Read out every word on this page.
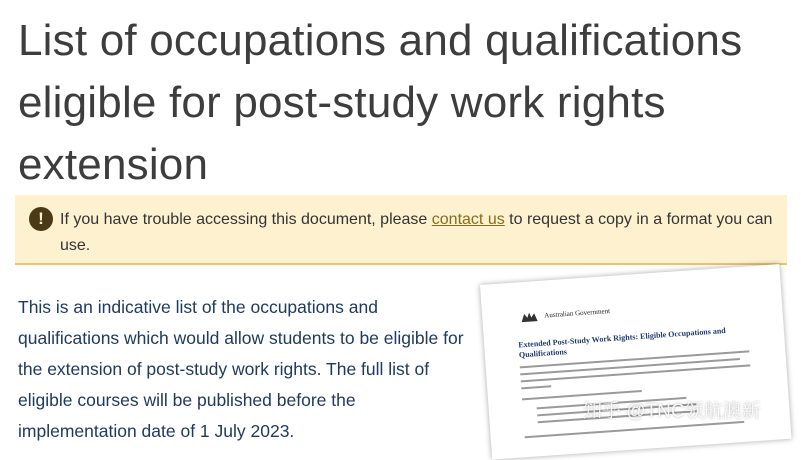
List of occupations and qualifications eligible for post-study work rights extension
!	If you have trouble accessing this document, please contact us to request a copy in a format you can use.

This is an indicative list of the occupations and qualifications which would allow students to be eligible for the extension of post-study work rights. The full list of eligible courses will be published before the implementation date of 1 July 2023.

Australian Government
Extended Post-Study Work Rights: Eligible Occupations and Qualifications
知乎 @TNC领航澳新
